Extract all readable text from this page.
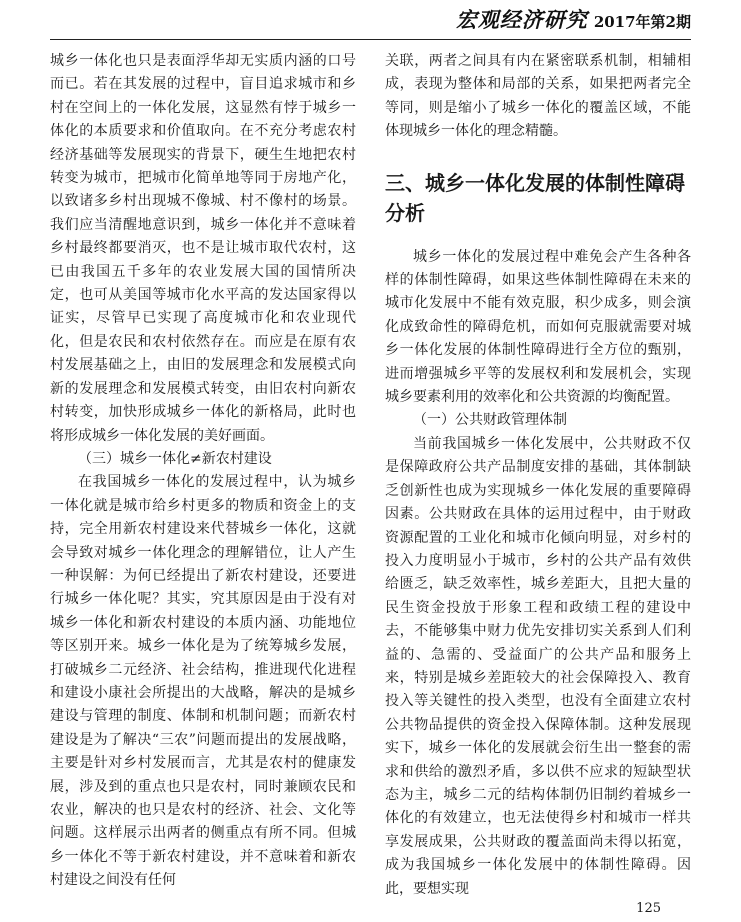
宏观经济研究 2017年第2期

城乡一体化也只是表面浮华却无实质内涵的口号而已。若在其发展的过程中，盲目追求城市和乡村在空间上的一体化发展，这显然有悖于城乡一体化的本质要求和价值取向。在不充分考虑农村经济基础等发展现实的背景下，硬生生地把农村转变为城市，把城市化简单地等同于房地产化，以致诸多乡村出现城不像城、村不像村的场景。我们应当清醒地意识到，城乡一体化并不意味着乡村最终都要消灭，也不是让城市取代农村，这已由我国五千多年的农业发展大国的国情所决定，也可从美国等城市化水平高的发达国家得以证实，尽管早已实现了高度城市化和农业现代化，但是农民和农村依然存在。而应是在原有农村发展基础之上，由旧的发展理念和发展模式向新的发展理念和发展模式转变，由旧农村向新农村转变，加快形成城乡一体化的新格局，此时也将形成城乡一体化发展的美好画面。

（三）城乡一体化≠新农村建设

在我国城乡一体化的发展过程中，认为城乡一体化就是城市给乡村更多的物质和资金上的支持，完全用新农村建设来代替城乡一体化，这就会导致对城乡一体化理念的理解错位，让人产生一种误解：为何已经提出了新农村建设，还要进行城乡一体化呢？其实，究其原因是由于没有对城乡一体化和新农村建设的本质内涵、功能地位等区别开来。城乡一体化是为了统筹城乡发展，打破城乡二元经济、社会结构，推进现代化进程和建设小康社会所提出的大战略，解决的是城乡建设与管理的制度、体制和机制问题；而新农村建设是为了解决“三农”问题而提出的发展战略，主要是针对乡村发展而言，尤其是农村的健康发展，涉及到的重点也只是农村，同时兼顾农民和农业，解决的也只是农村的经济、社会、文化等问题。这样展示出两者的侧重点有所不同。但城乡一体化不等于新农村建设，并不意味着和新农村建设之间没有任何

关联，两者之间具有内在紧密联系机制，相辅相成，表现为整体和局部的关系，如果把两者完全等同，则是缩小了城乡一体化的覆盖区域，不能体现城乡一体化的理念精髓。

三、城乡一体化发展的体制性障碍分析

城乡一体化的发展过程中难免会产生各种各样的体制性障碍，如果这些体制性障碍在未来的城市化发展中不能有效克服，积少成多，则会演化成致命性的障碍危机，而如何克服就需要对城乡一体化发展的体制性障碍进行全方位的甄别，进而增强城乡平等的发展权利和发展机会，实现城乡要素利用的效率化和公共资源的均衡配置。

（一）公共财政管理体制

当前我国城乡一体化发展中，公共财政不仅是保障政府公共产品制度安排的基础，其体制缺乏创新性也成为实现城乡一体化发展的重要障碍因素。公共财政在具体的运用过程中，由于财政资源配置的工业化和城市化倾向明显，对乡村的投入力度明显小于城市，乡村的公共产品有效供给匮乏，缺乏效率性，城乡差距大，且把大量的民生资金投放于形象工程和政绩工程的建设中去，不能够集中财力优先安排切实关系到人们利益的、急需的、受益面广的公共产品和服务上来，特别是城乡差距较大的社会保障投入、教育投入等关键性的投入类型，也没有全面建立农村公共物品提供的资金投入保障体制。这种发展现实下，城乡一体化的发展就会衍生出一整套的需求和供给的激烈矛盾，多以供不应求的短缺型状态为主，城乡二元的结构体制仍旧制约着城乡一体化的有效建立，也无法使得乡村和城市一样共享发展成果，公共财政的覆盖面尚未得以拓宽，成为我国城乡一体化发展中的体制性障碍。因此，要想实现

125
